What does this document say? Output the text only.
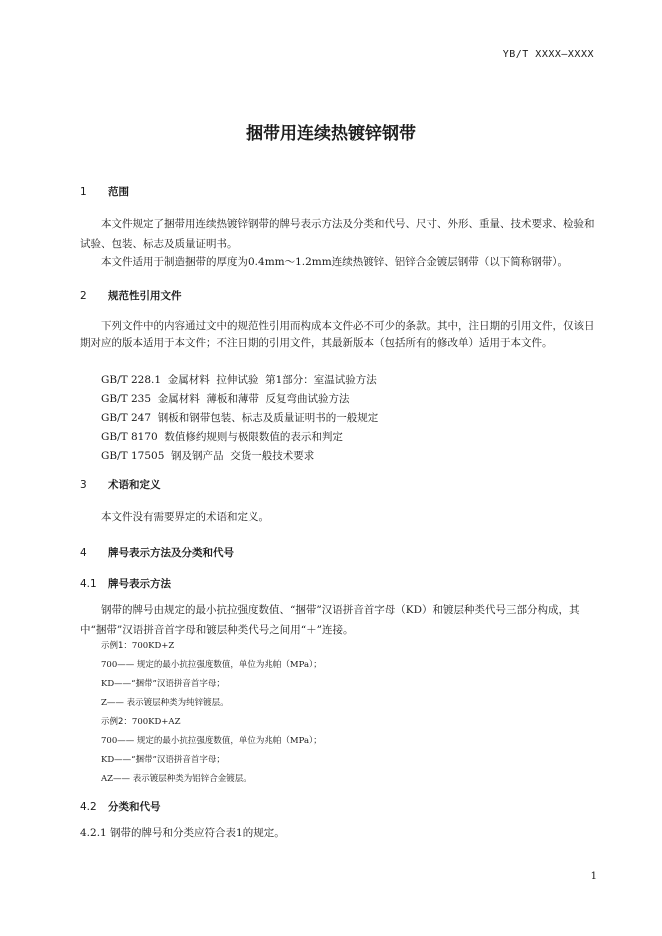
YB/T XXXX—XXXX
捆带用连续热镀锌钢带
1 范围
本文件规定了捆带用连续热镀锌钢带的牌号表示方法及分类和代号、尺寸、外形、重量、技术要求、检验和试验、包装、标志及质量证明书。
本文件适用于制造捆带的厚度为0.4mm～1.2mm连续热镀锌、铝锌合金镀层钢带（以下简称钢带）。
2 规范性引用文件
下列文件中的内容通过文中的规范性引用而构成本文件必不可少的条款。其中，注日期的引用文件，仅该日期对应的版本适用于本文件；不注日期的引用文件，其最新版本（包括所有的修改单）适用于本文件。
GB/T 228.1  金属材料  拉伸试验  第1部分：室温试验方法
GB/T 235  金属材料  薄板和薄带  反复弯曲试验方法
GB/T 247  钢板和钢带包装、标志及质量证明书的一般规定
GB/T 8170  数值修约规则与极限数值的表示和判定
GB/T 17505  钢及钢产品  交货一般技术要求
3 术语和定义
本文件没有需要界定的术语和定义。
4 牌号表示方法及分类和代号
4.1 牌号表示方法
钢带的牌号由规定的最小抗拉强度数值、“捆带”汉语拼音首字母（KD）和镀层种类代号三部分构成，其中“捆带”汉语拼音首字母和镀层种类代号之间用“＋”连接。
示例1：700KD+Z
700—— 规定的最小抗拉强度数值，单位为兆帕（MPa）；
KD——“捆带”汉语拼音首字母；
Z—— 表示镀层种类为纯锌镀层。
示例2：700KD+AZ
700—— 规定的最小抗拉强度数值，单位为兆帕（MPa）；
KD——“捆带”汉语拼音首字母；
AZ—— 表示镀层种类为铝锌合金镀层。
4.2 分类和代号
4.2.1 钢带的牌号和分类应符合表1的规定。
1
